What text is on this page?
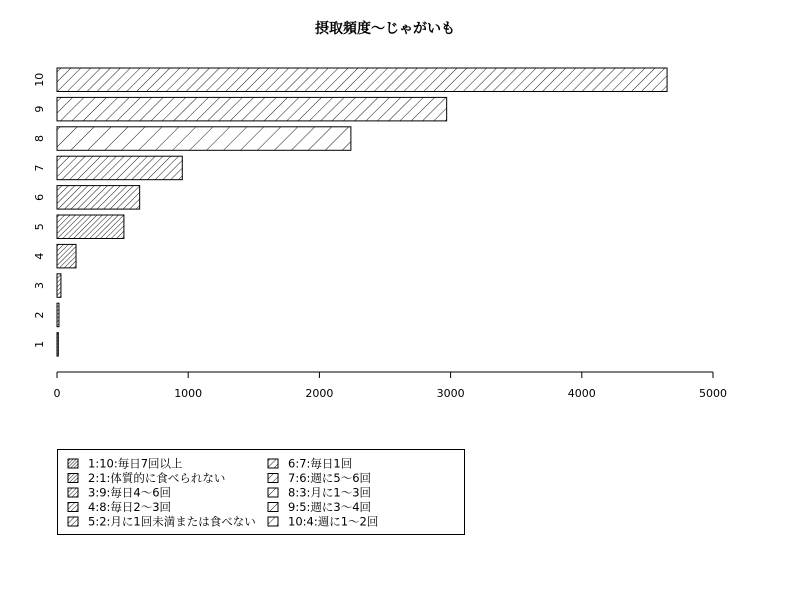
摂取頻度〜じゃがいも
1
2
3
4
5
6
7
8
9
10
0	1000	2000	3000	4000	5000
1:10:毎日7回以上
2:1:体質的に食べられない
3:9:毎日4〜6回
4:8:毎日2〜3回
5:2:月に1回未満または食べない
6:7:毎日1回
7:6:週に5〜6回
8:3:月に1〜3回
9:5:週に3〜4回
10:4:週に1〜2回
